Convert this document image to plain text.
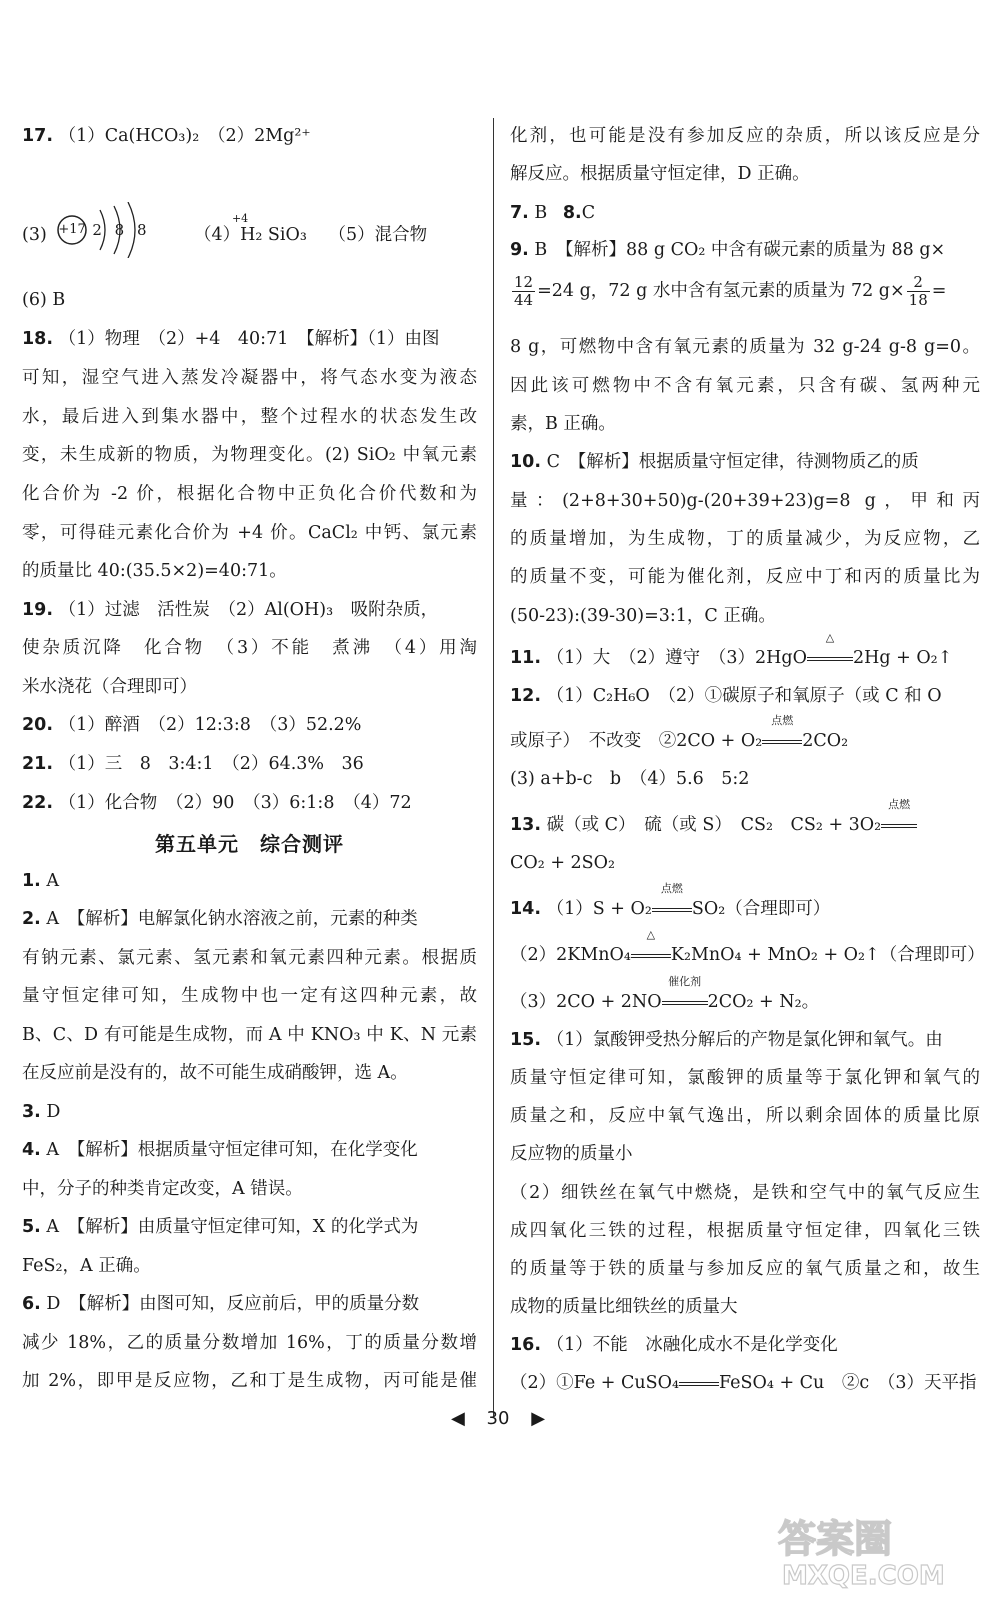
17. （1）Ca(HCO₃)₂　（2）2Mg²⁺
(3) +17 2 8 8

+4
（4）H₂ SiO₃ （5）混合物
(6) B
18. （1）物理　（2）+4　40:71　【解析】（1）由图
可知，湿空气进入蒸发冷凝器中，将气态水变为液态
水，最后进入到集水器中，整个过程水的状态发生改
变，未生成新的物质，为物理变化。(2) SiO₂ 中氧元素
化合价为 -2 价，根据化合物中正负化合价代数和为
零，可得硅元素化合价为 +4 价。CaCl₂ 中钙、氯元素
的质量比 40:(35.5×2)=40:71。
19. （1）过滤　活性炭　（2）Al(OH)₃　吸附杂质，
使杂质沉降　化合物　（3）不能　煮沸　（4）用淘
米水浇花（合理即可）
20. （1）醉酒　（2）12:3:8　（3）52.2%
21. （1）三　8　3:4:1　（2）64.3%　36
22. （1）化合物　（2）90　（3）6:1:8　（4）72
第五单元　综合测评
1. A
2. A　【解析】电解氯化钠水溶液之前，元素的种类
有钠元素、氯元素、氢元素和氧元素四种元素。根据质
量守恒定律可知，生成物中也一定有这四种元素，故
B、C、D 有可能是生成物，而 A 中 KNO₃ 中 K、N 元素
在反应前是没有的，故不可能生成硝酸钾，选 A。
3. D
4. A　【解析】根据质量守恒定律可知，在化学变化
中，分子的种类肯定改变，A 错误。
5. A　【解析】由质量守恒定律可知，X 的化学式为
FeS₂，A 正确。
6. D　【解析】由图可知，反应前后，甲的质量分数
减少 18%，乙的质量分数增加 16%，丁的质量分数增
加 2%，即甲是反应物，乙和丁是生成物，丙可能是催
化剂，也可能是没有参加反应的杂质，所以该反应是分
解反应。根据质量守恒定律，D 正确。
7. B 8.C
9. B　【解析】88 g CO₂ 中含有碳元素的质量为 88 g×
$\frac{12}{44} =24$ g，72 g 水中含有氢元素的质量为 72 $g\times \frac{2}{18}$ =
8 g，可燃物中含有氧元素的质量为 32 g-24 g-8 g=0。
因此该可燃物中不含有氧元素，只含有碳、氢两种元
素，B 正确。
10. C　【解析】根据质量守恒定律，待测物质乙的质
量：(2+8+30+50)g-(20+39+23)g=8 g，甲和丙
的质量增加，为生成物，丁的质量减少，为反应物，乙
的质量不变，可能为催化剂，反应中丁和丙的质量比为
(50-23):(39-30)=3:1，C 正确。
11. （1）大　（2）遵守　（3）2HgO
△
2Hg + O₂↑
12. （1）C₂H₆O　（2）①碳原子和氧原子（或 C 和 O
或原子）　不改变　②2CO + O₂
点燃
2CO₂
(3) a+b-c　b　（4）5.6　5:2
13. 碳（或 C）　硫（或 S）　CS₂　CS₂ + 3O₂
点燃
CO₂ + 2SO₂
14. （1）S + O₂
点燃
SO₂（合理即可）
（2）2KMnO₄
△
K₂MnO₄ + MnO₂ + O₂↑（合理即可）
（3）2CO + 2NO
催化剂
2CO₂ + N₂。
15. （1）氯酸钾受热分解后的产物是氯化钾和氧气。由
质量守恒定律可知，氯酸钾的质量等于氯化钾和氧气的
质量之和，反应中氧气逸出，所以剩余固体的质量比原
反应物的质量小
（2）细铁丝在氧气中燃烧，是铁和空气中的氧气反应生
成四氧化三铁的过程，根据质量守恒定律，四氧化三铁
的质量等于铁的质量与参加反应的氧气质量之和，故生
成物的质量比细铁丝的质量大
16. （1）不能　冰融化成水不是化学变化
（2）①Fe + CuSO₄ FeSO₄ + Cu　②c　（3）天平指
◀ 30 ▶
答案圈
MXQE.COM
